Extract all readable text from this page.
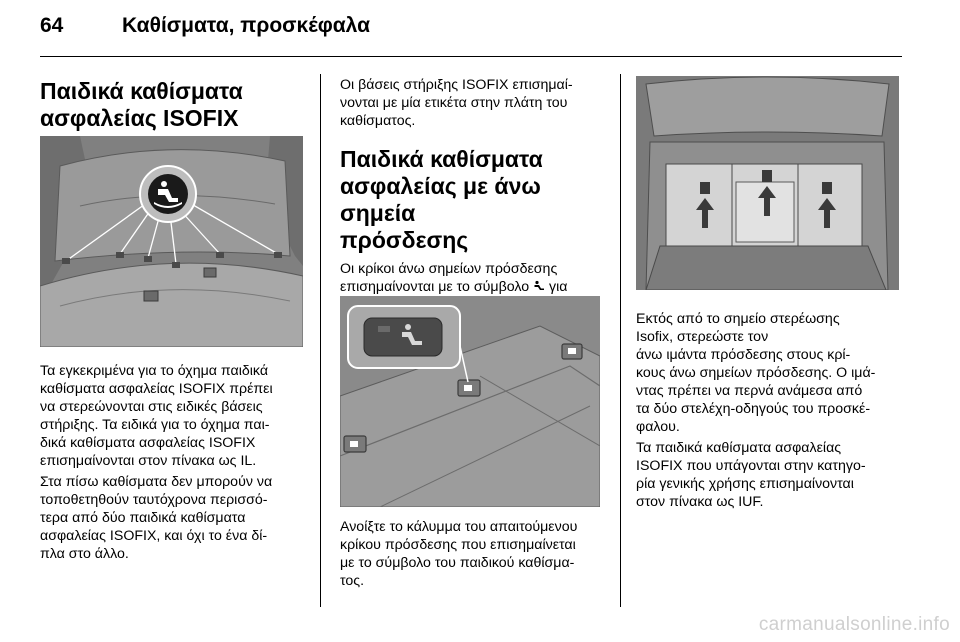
64	Καθίσματα, προσκέφαλα
Παιδικά καθίσματα
ασφαλείας ISOFIX

Τα εγκεκριμένα για το όχημα παιδικά
καθίσματα ασφαλείας ISOFIX πρέπει
να στερεώνονται στις ειδικές βάσεις
στήριξης. Τα ειδικά για το όχημα παι-
δικά καθίσματα ασφαλείας ISOFIX
επισημαίνονται στον πίνακα ως IL.

Στα πίσω καθίσματα δεν μπορούν να
τοποθετηθούν ταυτόχρονα περισσό-
τερα από δύο παιδικά καθίσματα
ασφαλείας ISOFIX, και όχι το ένα δί-
πλα στο άλλο.

Οι βάσεις στήριξης ISOFIX επισημαί-
νονται με μία ετικέτα στην πλάτη του
καθίσματος.

Παιδικά καθίσματα
ασφαλείας με άνω σημεία
πρόσδεσης

Οι κρίκοι άνω σημείων πρόσδεσης
επισημαίνονται με το σύμβολο για

Ανοίξτε το κάλυμμα του απαιτούμενου
κρίκου πρόσδεσης που επισημαίνεται
με το σύμβολο του παιδικού καθίσμα-
τος.

Εκτός από το σημείο στερέωσης
Isofix, στερεώστε τον
άνω ιμάντα πρόσδεσης στους κρί-
κους άνω σημείων πρόσδεσης. Ο ιμά-
ντας πρέπει να περνά ανάμεσα από
τα δύο στελέχη-οδηγούς του προσκέ-
φαλου.

Τα παιδικά καθίσματα ασφαλείας
ISOFIX που υπάγονται στην κατηγο-
ρία γενικής χρήσης επισημαίνονται
στον πίνακα ως IUF.

carmanualsonline.info
